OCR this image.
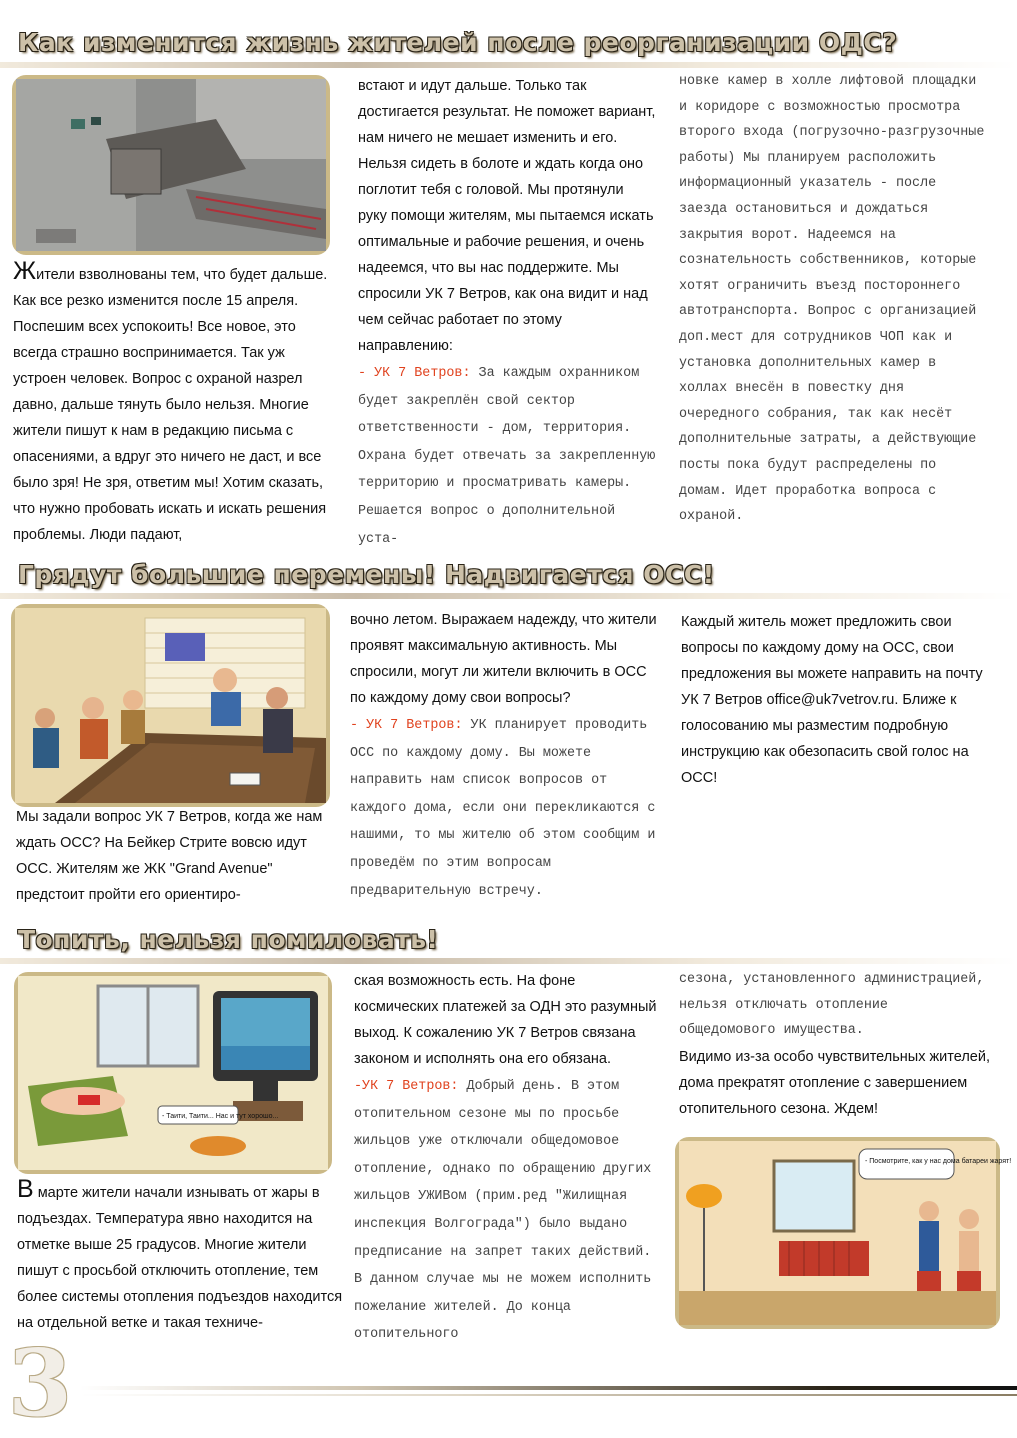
Как изменится жизнь жителей после реорганизации ОДС?

Жители взволнованы тем, что будет дальше. Как все резко изменится после 15 апреля. Поспешим всех успокоить! Все новое, это всегда страшно воспринимается. Так уж устроен человек. Вопрос с охраной назрел давно, дальше тянуть было нельзя. Многие жители пишут к нам в редакцию письма с опасениями, а вдруг это ничего не даст, и все было зря! Не зря, ответим мы! Хотим сказать, что нужно пробовать искать и искать решения проблемы. Люди падают,

встают и идут дальше. Только так достигается результат. Не поможет вариант, нам ничего не мешает изменить и его. Нельзя сидеть в болоте и ждать когда оно поглотит тебя с головой. Мы протянули руку помощи жителям, мы пытаемся искать оптимальные и рабочие решения, и очень надеемся, что вы нас поддержите. Мы спросили УК 7 Ветров, как она видит и над чем сейчас работает по этому направлению:
- УК 7 Ветров: За каждым охранником будет закреплён свой сектор ответственности - дом, территория. Охрана будет отвечать за закрепленную территорию и просматривать камеры. Решается вопрос о дополнительной уста-

новке камер в холле лифтовой площадки и коридоре с возможностью просмотра второго входа (погрузочно-разгрузочные работы) Мы планируем расположить информационный указатель - после заезда остановиться и дождаться закрытия ворот. Надеемся на сознательность собственников, которые хотят ограничить въезд постороннего автотранспорта. Вопрос с организацией доп.мест для сотрудников ЧОП как и установка дополнительных камер в холлах внесён в повестку дня очередного собрания, так как несёт дополнительные затраты, а действующие посты пока будут распределены по домам. Идет проработка вопроса с охраной.

Грядут большие перемены! Надвигается ОСС!

Мы задали вопрос УК 7 Ветров, когда же нам ждать ОСС? На Бейкер Стрите вовсю идут ОСС. Жителям же ЖК "Grand Avenue" предстоит пройти его ориентиро-

вочно летом. Выражаем надежду, что жители проявят максимальную активность. Мы спросили, могут ли жители включить в ОСС по каждому дому свои вопросы?
- УК 7 Ветров: УК планирует проводить ОСС по каждому дому. Вы можете направить нам список вопросов от каждого дома, если они перекликаются с нашими, то мы жителю об этом сообщим и проведём по этим вопросам предварительную встречу.

Каждый житель может предложить свои вопросы по каждому дому на ОСС, свои предложения вы можете направить на почту УК 7 Ветров office@uk7vetrov.ru. Ближе к голосованию мы разместим подробную инструкцию как обезопасить свой голос на ОСС!

Топить, нельзя помиловать!
- Таити, Таити... Нас и тут хорошо...

В марте жители начали изнывать от жары в подъездах. Температура явно находится на отметке выше 25 градусов. Многие жители пишут с просьбой отключить отопление, тем более системы отопления подъездов находится на отдельной ветке и такая техниче-

ская возможность есть. На фоне космических платежей за ОДН это разумный выход. К сожалению УК 7 Ветров связана законом и исполнять она его обязана.
-УК 7 Ветров: Добрый день. В этом отопительном сезоне мы по просьбе жильцов уже отключали общедомовое отопление, однако по обращению других жильцов УЖИВом (прим.ред "Жилищная инспекция Волгограда") было выдано предписание на запрет таких действий. В данном случае мы не можем исполнить пожелание жителей. До конца отопительного

сезона, установленного администрацией, нельзя отключать отопление общедомового имущества.
Видимо из-за особо чувствительных жителей, дома прекратят отопление с завершением отопительного сезона. Ждем!

- Посмотрите, как у нас дома батареи жарят!
3
